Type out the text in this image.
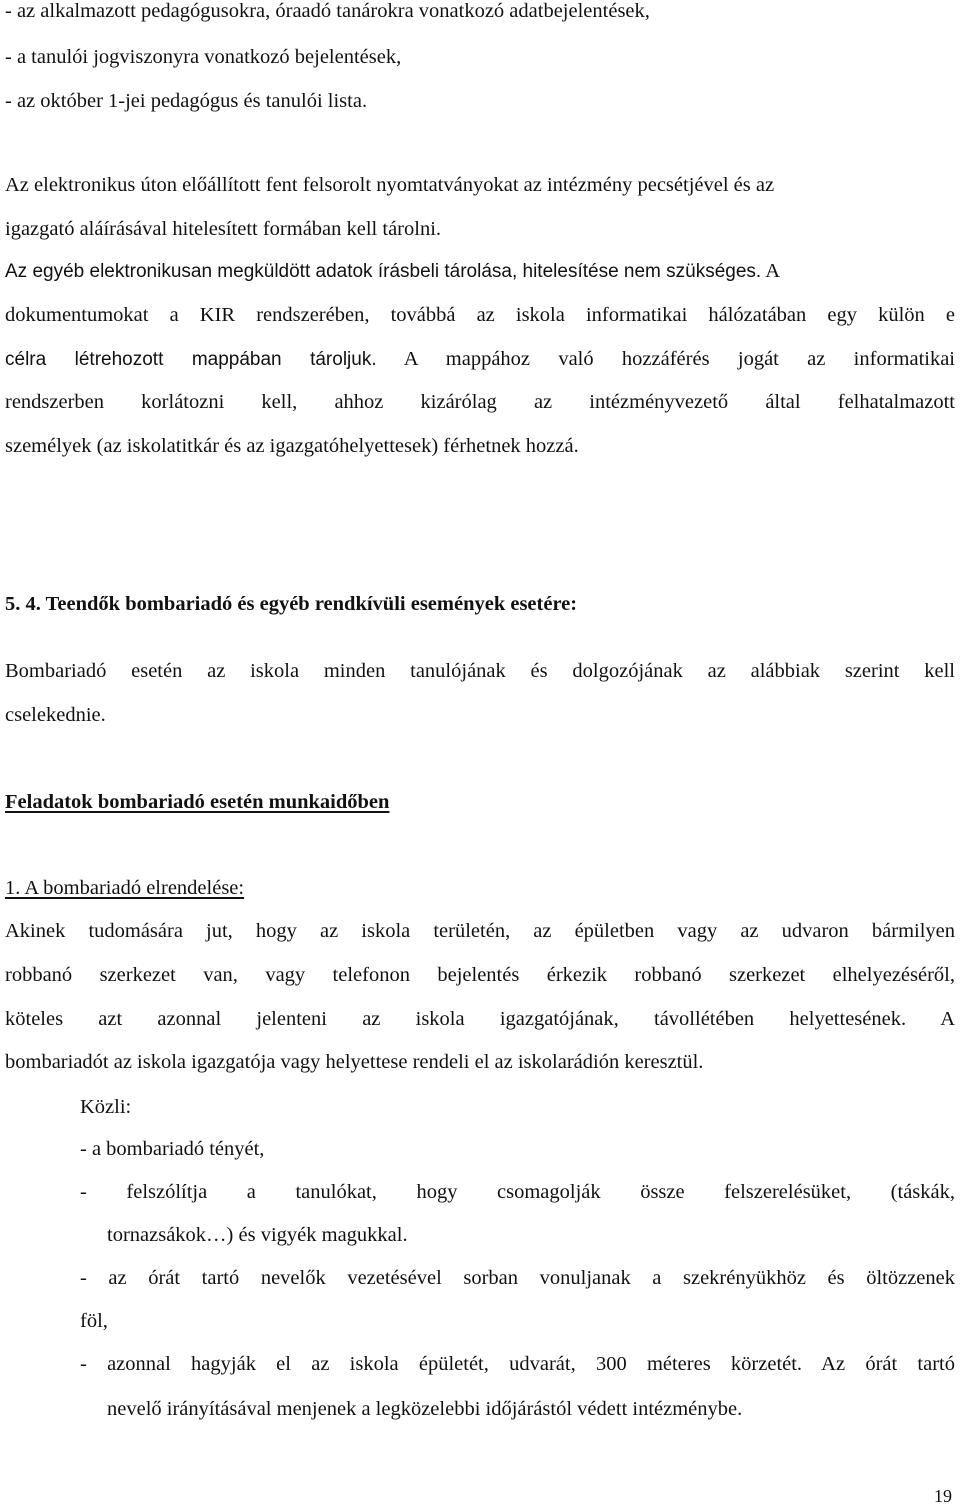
- az alkalmazott pedagógusokra, óraadó tanárokra vonatkozó adatbejelentések,
- a tanulói jogviszonyra vonatkozó bejelentések,
- az október 1-jei pedagógus és tanulói lista.
Az elektronikus úton előállított fent felsorolt nyomtatványokat az intézmény pecsétjével és az
igazgató aláírásával hitelesített formában kell tárolni.
Az egyéb elektronikusan megküldött adatok írásbeli tárolása, hitelesítése nem szükséges. A
dokumentumokat a KIR rendszerében, továbbá az iskola informatikai hálózatában egy külön e
célra létrehozott mappában tároljuk. A mappához való hozzáférés jogát az informatikai
rendszerben korlátozni kell, ahhoz kizárólag az intézményvezető által felhatalmazott
személyek (az iskolatitkár és az igazgatóhelyettesek) férhetnek hozzá.
5. 4. Teendők bombariadó és egyéb rendkívüli események esetére:
Bombariadó esetén az iskola minden tanulójának és dolgozójának az alábbiak szerint kell
cselekednie.
Feladatok bombariadó esetén munkaidőben
1. A bombariadó elrendelése:
Akinek tudomására jut, hogy az iskola területén, az épületben vagy az udvaron bármilyen
robbanó szerkezet van, vagy telefonon bejelentés érkezik robbanó szerkezet elhelyezéséről,
köteles azt azonnal jelenteni az iskola igazgatójának, távollétében helyettesének. A
bombariadót az iskola igazgatója vagy helyettese rendeli el az iskolarádión keresztül.
Közli:
- a bombariadó tényét,
- felszólítja a tanulókat, hogy csomagolják össze felszerelésüket, (táskák,
tornazsákok…) és vigyék magukkal.
- az órát tartó nevelők vezetésével sorban vonuljanak a szekrényükhöz és öltözzenek
föl,
- azonnal hagyják el az iskola épületét, udvarát, 300 méteres körzetét. Az órát tartó
nevelő irányításával menjenek a legközelebbi időjárástól védett intézménybe.
19
